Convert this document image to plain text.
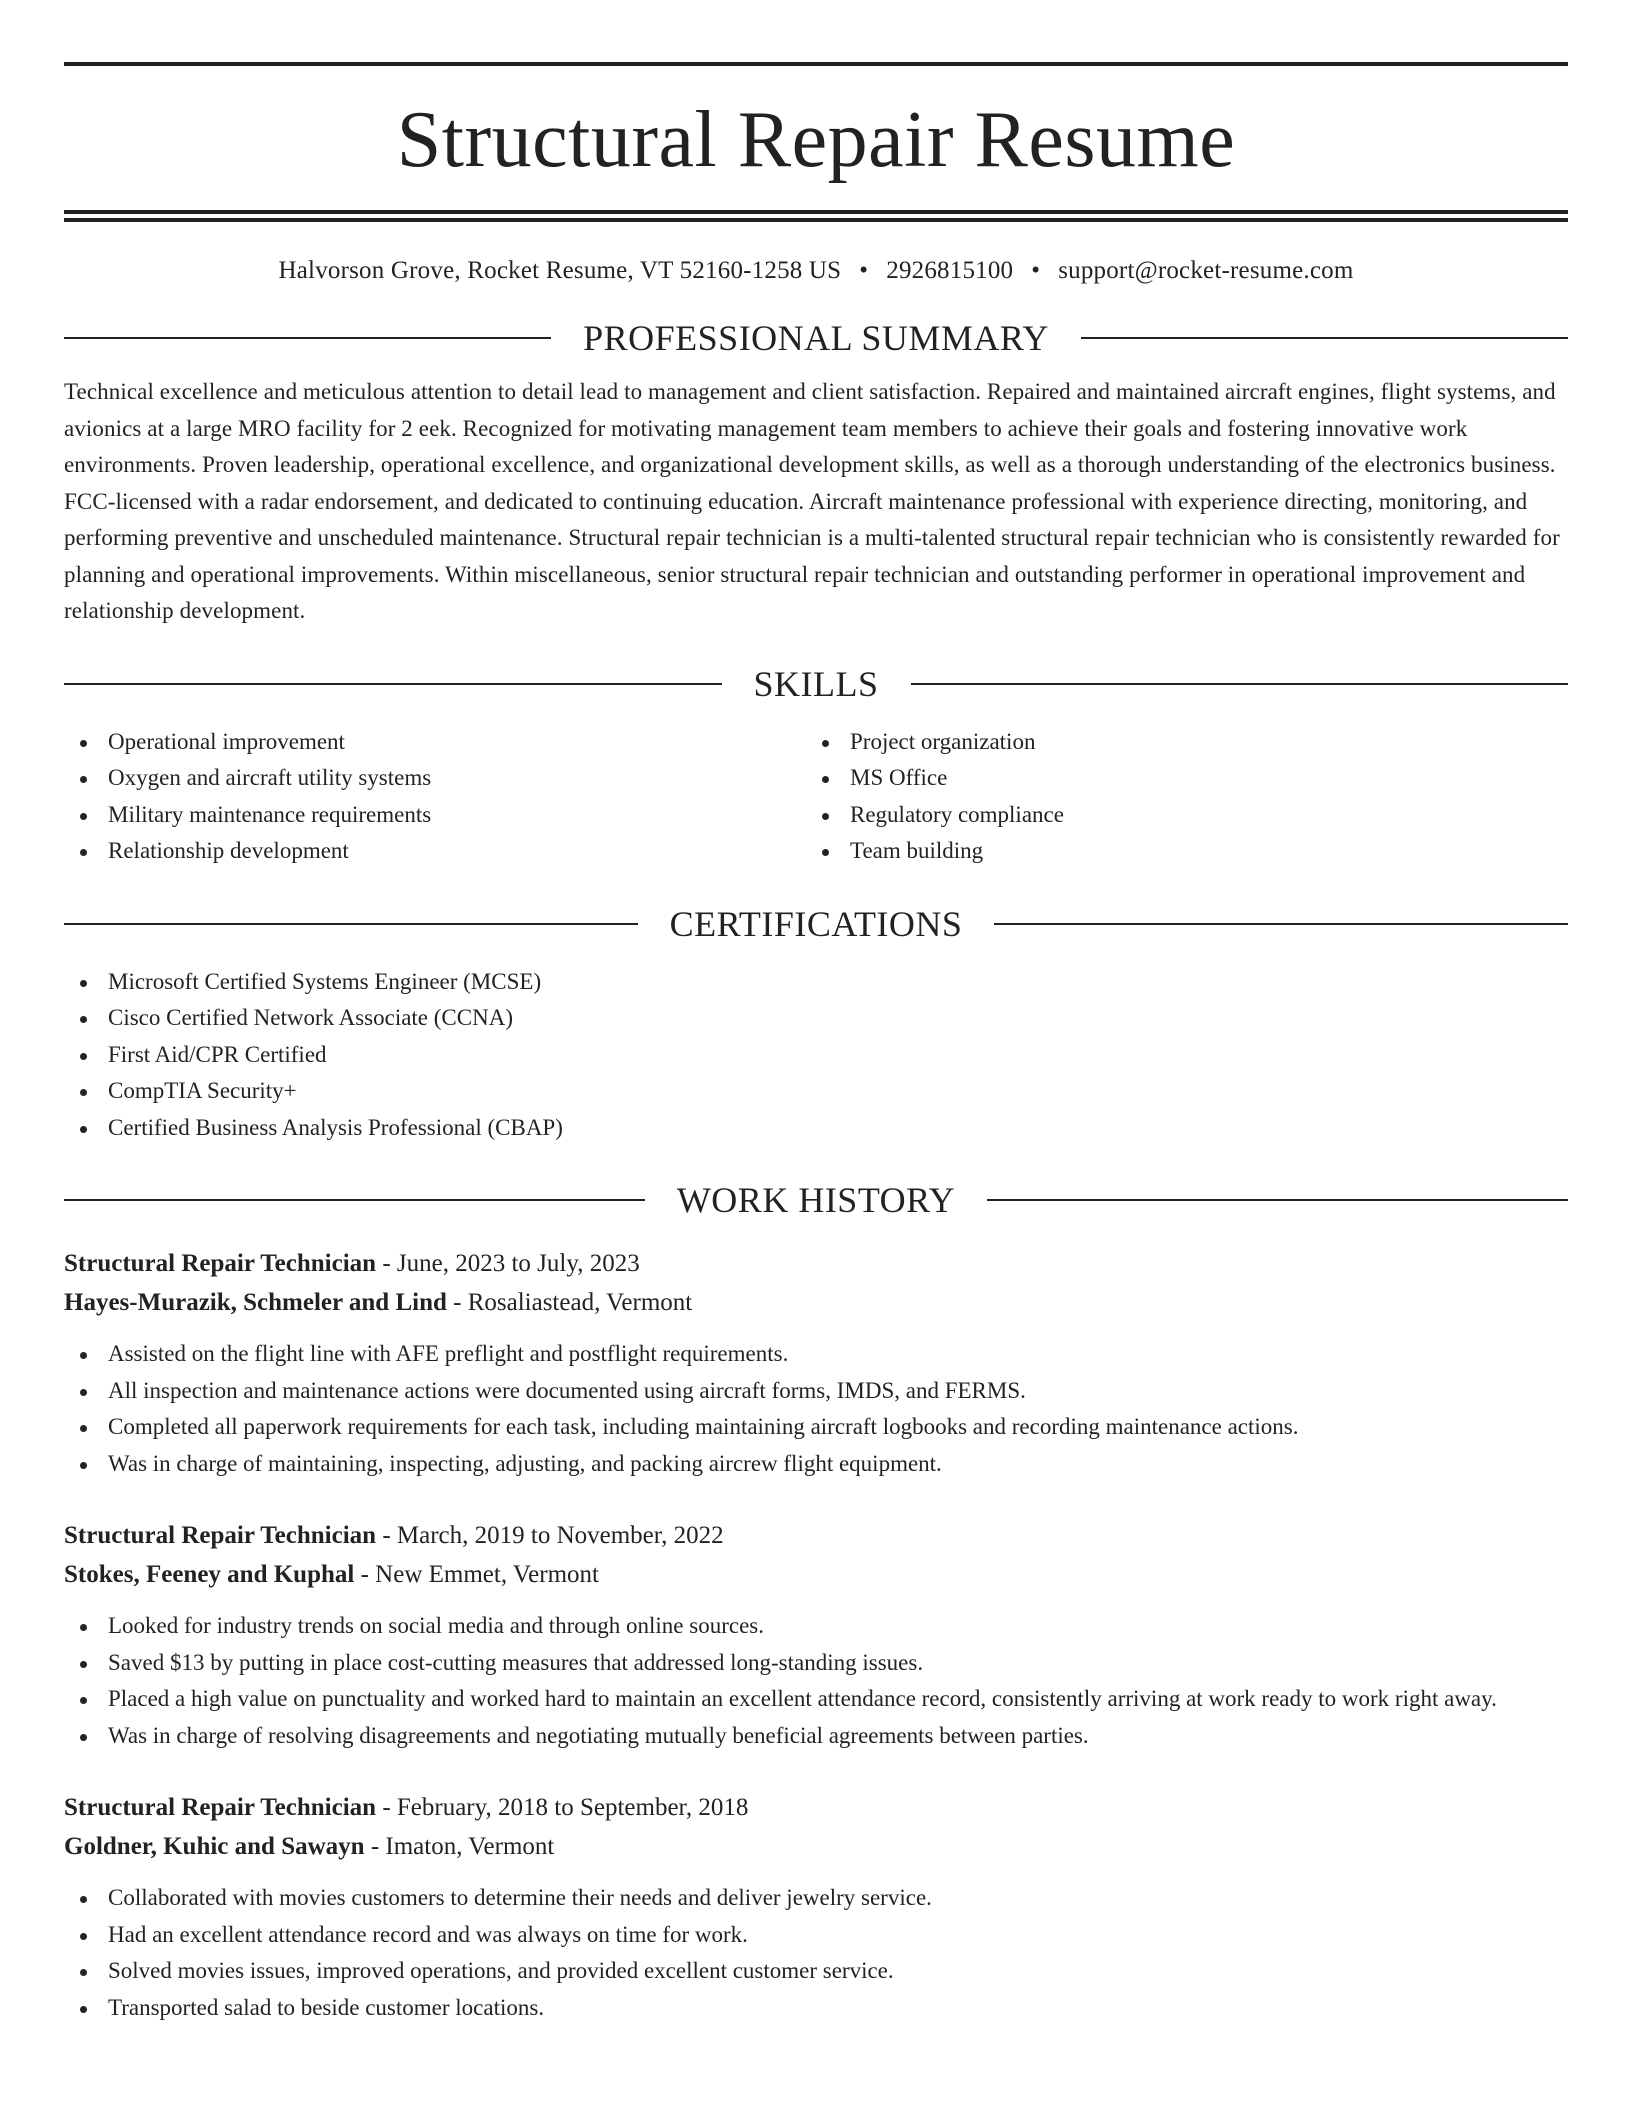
Structural Repair Resume
Halvorson Grove, Rocket Resume, VT 52160-1258 US • 2926815100 • support@rocket-resume.com
PROFESSIONAL SUMMARY

Technical excellence and meticulous attention to detail lead to management and client satisfaction. Repaired and maintained aircraft engines, flight systems, and avionics at a large MRO facility for 2 eek. Recognized for motivating management team members to achieve their goals and fostering innovative work environments. Proven leadership, operational excellence, and organizational development skills, as well as a thorough understanding of the electronics business. FCC-licensed with a radar endorsement, and dedicated to continuing education. Aircraft maintenance professional with experience directing, monitoring, and performing preventive and unscheduled maintenance. Structural repair technician is a multi-talented structural repair technician who is consistently rewarded for planning and operational improvements. Within miscellaneous, senior structural repair technician and outstanding performer in operational improvement and relationship development.

SKILLS
Operational improvement
Oxygen and aircraft utility systems
Military maintenance requirements
Relationship development
Project organization
MS Office
Regulatory compliance
Team building
CERTIFICATIONS
Microsoft Certified Systems Engineer (MCSE)
Cisco Certified Network Associate (CCNA)
First Aid/CPR Certified
CompTIA Security+
Certified Business Analysis Professional (CBAP)
WORK HISTORY
Structural Repair Technician - June, 2023 to July, 2023
Hayes-Murazik, Schmeler and Lind - Rosaliastead, Vermont
Assisted on the flight line with AFE preflight and postflight requirements.
All inspection and maintenance actions were documented using aircraft forms, IMDS, and FERMS.
Completed all paperwork requirements for each task, including maintaining aircraft logbooks and recording maintenance actions.
Was in charge of maintaining, inspecting, adjusting, and packing aircrew flight equipment.
Structural Repair Technician - March, 2019 to November, 2022
Stokes, Feeney and Kuphal - New Emmet, Vermont
Looked for industry trends on social media and through online sources.
Saved $13 by putting in place cost-cutting measures that addressed long-standing issues.
Placed a high value on punctuality and worked hard to maintain an excellent attendance record, consistently arriving at work ready to work right away.
Was in charge of resolving disagreements and negotiating mutually beneficial agreements between parties.
Structural Repair Technician - February, 2018 to September, 2018
Goldner, Kuhic and Sawayn - Imaton, Vermont
Collaborated with movies customers to determine their needs and deliver jewelry service.
Had an excellent attendance record and was always on time for work.
Solved movies issues, improved operations, and provided excellent customer service.
Transported salad to beside customer locations.
